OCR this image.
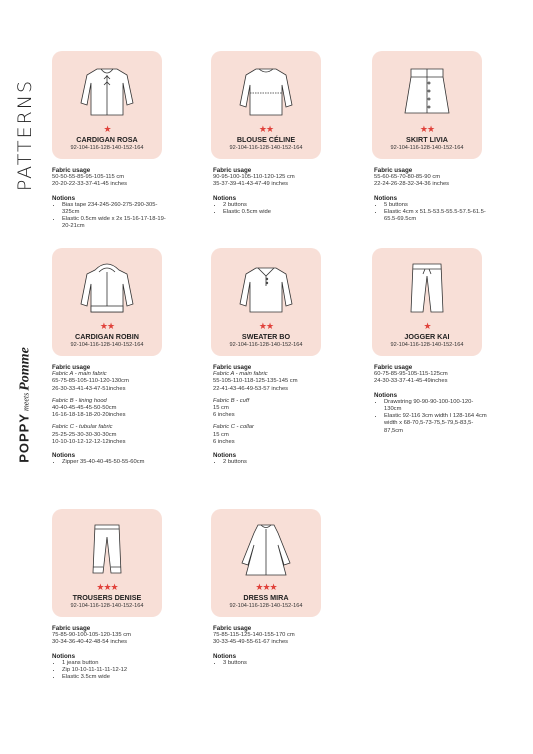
PATTERNS
POPPYmeetsPomme
★
CARDIGAN ROSA
92-104-116-128-140-152-164
★★
BLOUSE CÉLINE
92-104-116-128-140-152-164
★★
SKIRT LIVIA
92-104-116-128-140-152-164
Fabric usage
50-50-55-85-95-105-115 cm
20-20-22-33-37-41-45 inches
Notions
• Bias tape 234-245-260-275-290-305-325cm
• Elastic 0.5cm wide x 2x 15-16-17-18-19-20-21cm
Fabric usage
90-95-100-105-110-120-125 cm
35-37-39-41-43-47-49 inches
Notions
• 2 buttons
• Elastic 0.5cm wide
Fabric usage
55-60-65-70-80-85-90 cm
22-24-26-28-32-34-36 inches
Notions
• 5 buttons
• Elastic 4cm x 51.5-53.5-55.5-57.5-61.5-65.5-69.5cm
★★
CARDIGAN ROBIN
92-104-116-128-140-152-164
★★
SWEATER BO
92-104-116-128-140-152-164
★
JOGGER KAI
92-104-116-128-140-152-164
Fabric usage
Fabric A - main fabric
65-75-85-105-110-120-130cm
26-30-33-41-43-47-51inches
Fabric B - lining hood
40-40-45-45-45-50-50cm
16-16-18-18-18-20-20inches
Fabric C - tubular fabric
25-25-25-30-30-30-30cm
10-10-10-12-12-12-12inches
Notions
• Zipper 35-40-40-45-50-55-60cm
Fabric usage
Fabric A - main fabric
55-105-110-118-125-135-145 cm
22-41-43-46-49-53-57 inches
Fabric B - cuff
15 cm
6 inches
Fabric C - collar
15 cm
6 inches
Notions
• 2 buttons
Fabric usage
60-75-85-95-105-115-125cm
24-30-33-37-41-45-49inches
Notions
• Drawstring 90-90-90-100-100-120-130cm
• Elastic 92-116 3cm width I 128-164 4cm width x 68-70,5-73-75,5-79,5-83,5-87,5cm
★★★
TROUSERS DENISE
92-104-116-128-140-152-164
★★★
DRESS MIRA
92-104-116-128-140-152-164
Fabric usage
75-85-90-100-105-120-135 cm
30-34-36-40-42-48-54 inches
Notions
• 1 jeans button
• Zip 10-10-11-11-11-12-12
• Elastic 3.5cm wide
Fabric usage
75-85-115-125-140-155-170 cm
30-33-45-49-55-61-67 inches
Notions
• 3 buttons
